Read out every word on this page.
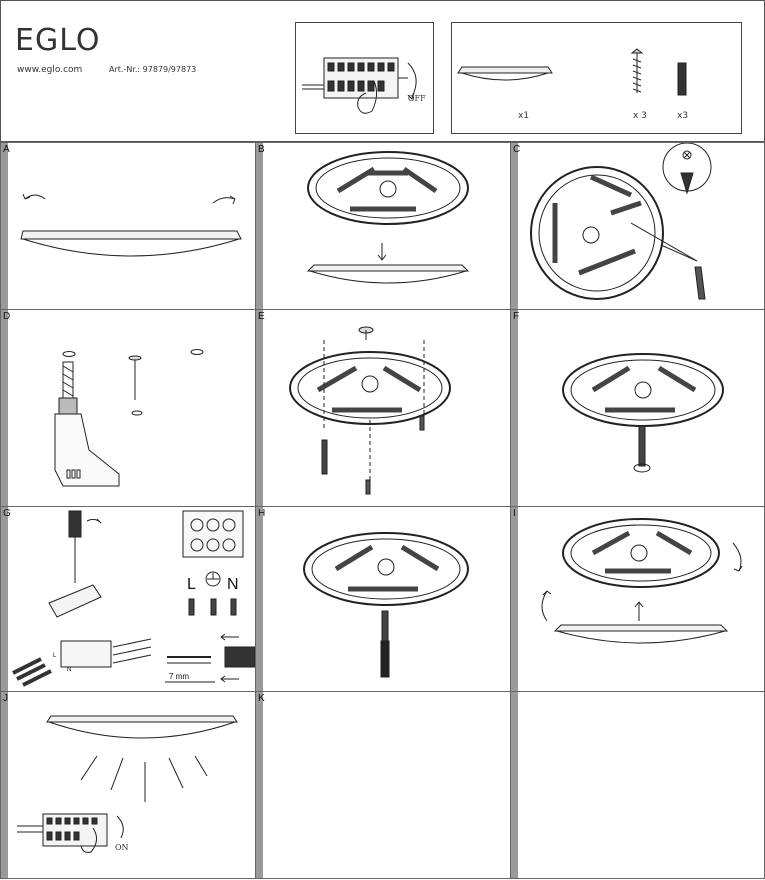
EGLO
www.eglo.com	Art.-Nr.: 97879/97873
OFF
x1	x 3	x3
A	B	C
D	E	F
G
L N
7 mm
L
N
H	I
J
ON
K
